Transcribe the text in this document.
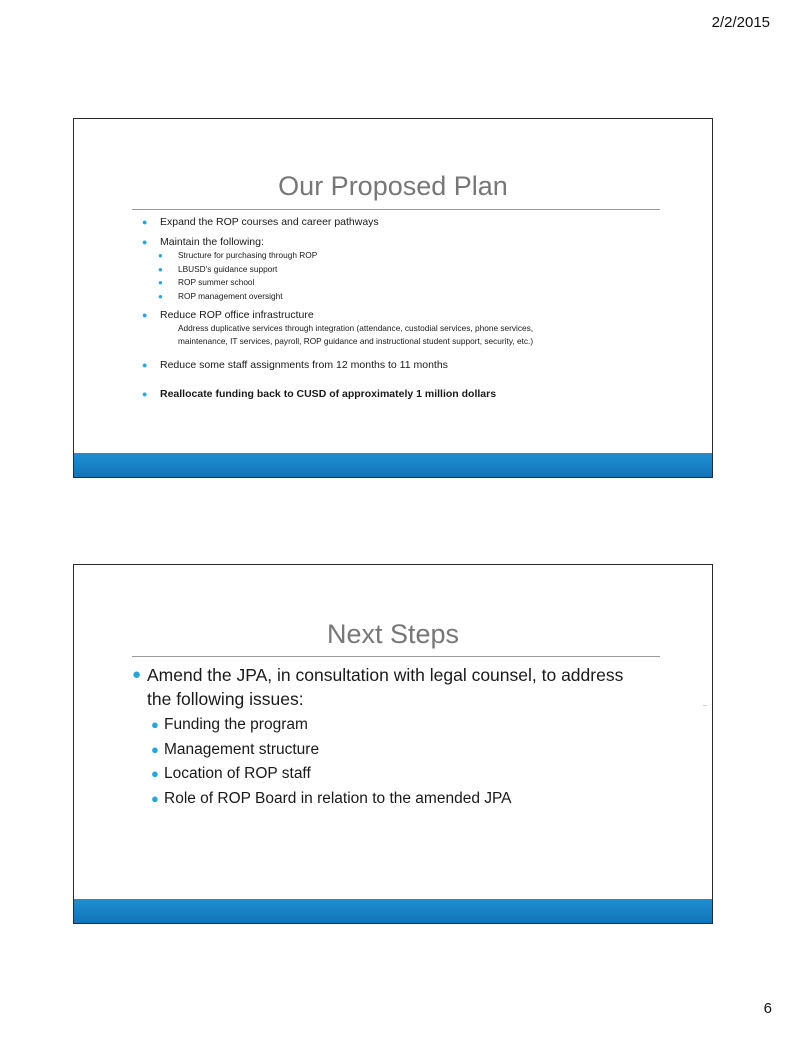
2/2/2015
Our Proposed Plan
● Expand the ROP courses and career pathways
● Maintain the following:
● Structure for purchasing through ROP
● LBUSD's guidance support
● ROP summer school
● ROP management oversight
● Reduce ROP office infrastructure
Address duplicative services through integration (attendance, custodial services, phone services,
maintenance, IT services, payroll, ROP guidance and instructional student support, security, etc.)
● Reduce some staff assignments from 12 months to 11 months
● Reallocate funding back to CUSD of approximately 1 million dollars
Next Steps
● Amend the JPA, in consultation with legal counsel, to address the following issues:
● Funding the program
● Management structure
● Location of ROP staff
● Role of ROP Board in relation to the amended JPA
6
